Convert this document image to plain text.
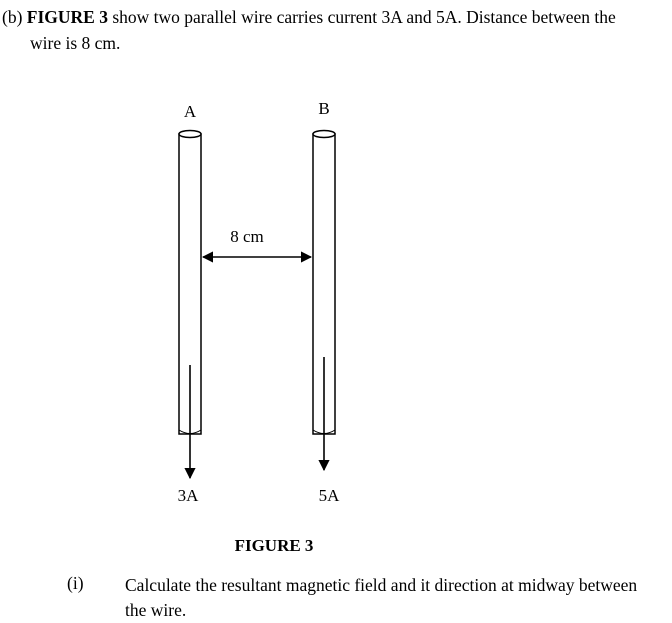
(b) FIGURE 3 show two parallel wire carries current 3A and 5A. Distance between the
wire is 8 cm.
A	B
8 cm
3A	5A
FIGURE 3
(i) Calculate the resultant magnetic field and it direction at midway between the wire.
